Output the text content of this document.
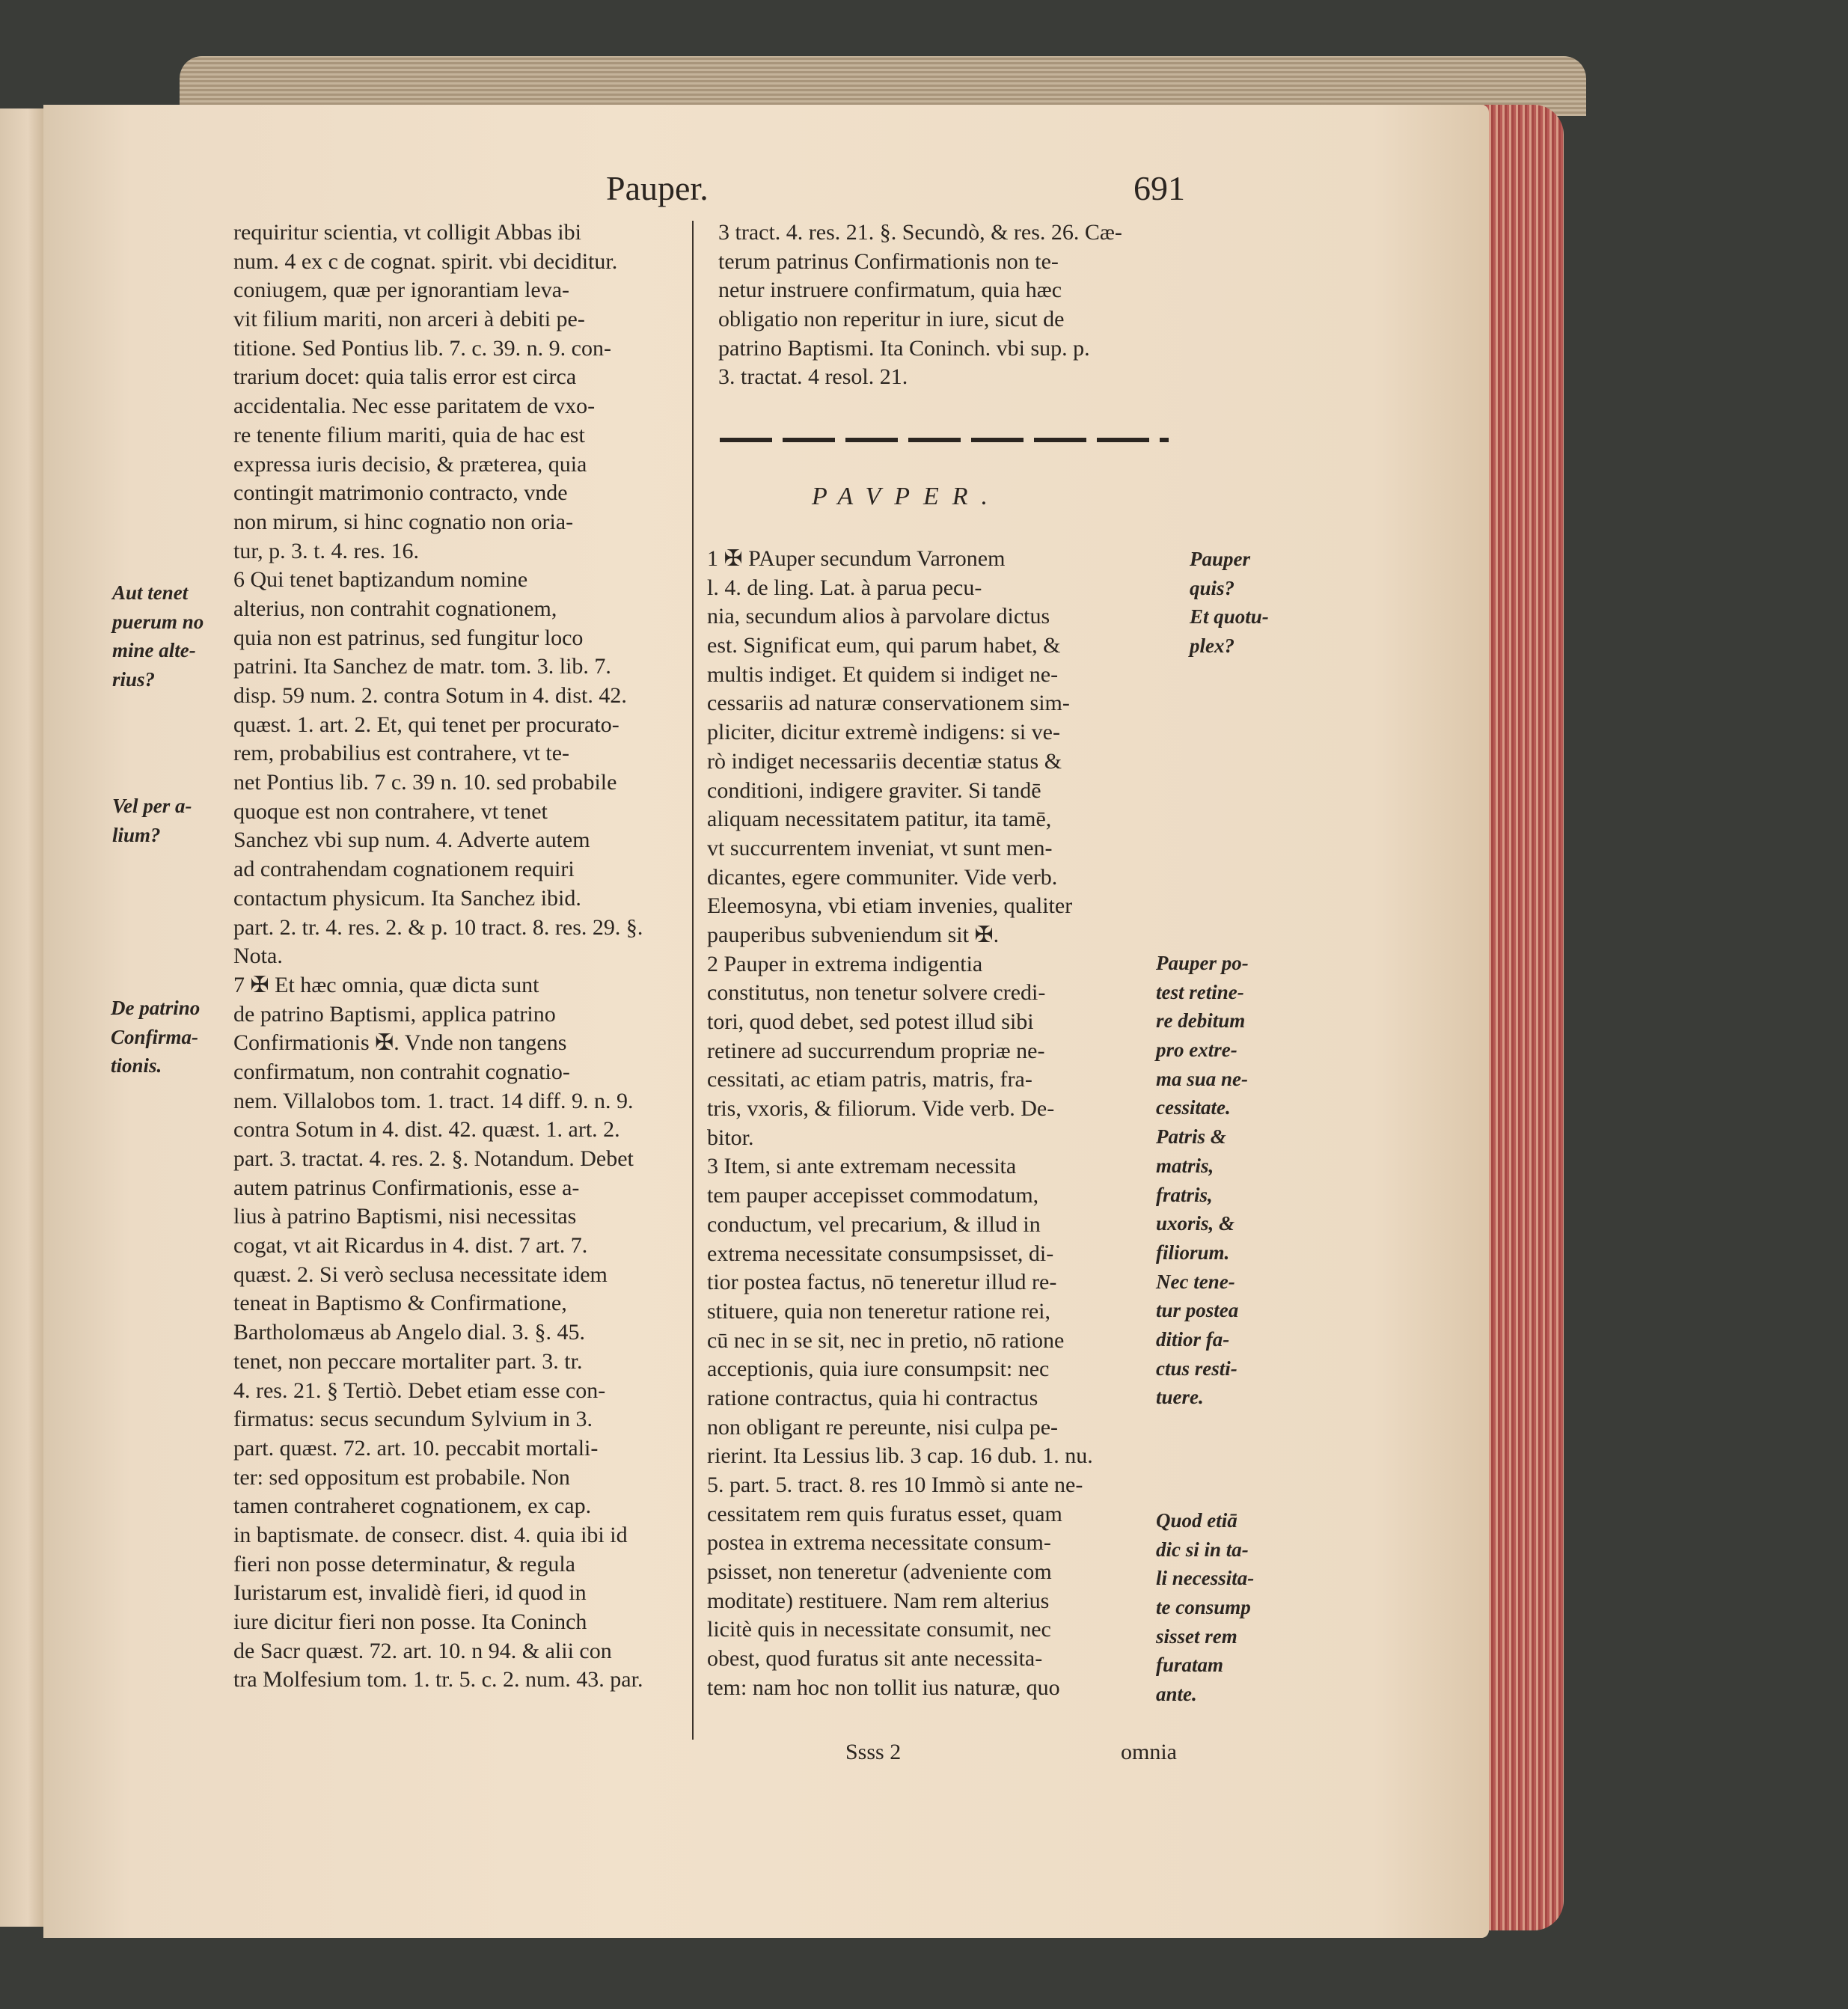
Pauper.	691
requiritur scientia, vt colligit Abbas ibi
num. 4 ex c de cognat. spirit. vbi deciditur.
coniugem, quæ per ignorantiam leva-
vit filium mariti, non arceri à debiti pe-
titione. Sed Pontius lib. 7. c. 39. n. 9. con-
trarium docet: quia talis error est circa
accidentalia. Nec esse paritatem de vxo-
re tenente filium mariti, quia de hac est
expressa iuris decisio, & præterea, quia
contingit matrimonio contracto, vnde
non mirum, si hinc cognatio non oria-
tur, p. 3. t. 4. res. 16.
6 Qui tenet baptizandum nomine
alterius, non contrahit cognationem,
quia non est patrinus, sed fungitur loco
patrini. Ita Sanchez de matr. tom. 3. lib. 7.
disp. 59 num. 2. contra Sotum in 4. dist. 42.
quæst. 1. art. 2. Et, qui tenet per procurato-
rem, probabilius est contrahere, vt te-
net Pontius lib. 7 c. 39 n. 10. sed probabile
quoque est non contrahere, vt tenet
Sanchez vbi sup num. 4. Adverte autem
ad contrahendam cognationem requiri
contactum physicum. Ita Sanchez ibid.
part. 2. tr. 4. res. 2. & p. 10 tract. 8. res. 29. §.
Nota.
7 ✠ Et hæc omnia, quæ dicta sunt
de patrino Baptismi, applica patrino
Confirmationis ✠. Vnde non tangens
confirmatum, non contrahit cognatio-
nem. Villalobos tom. 1. tract. 14 diff. 9. n. 9.
contra Sotum in 4. dist. 42. quæst. 1. art. 2.
part. 3. tractat. 4. res. 2. §. Notandum. Debet
autem patrinus Confirmationis, esse a-
lius à patrino Baptismi, nisi necessitas
cogat, vt ait Ricardus in 4. dist. 7 art. 7.
quæst. 2. Si verò seclusa necessitate idem
teneat in Baptismo & Confirmatione,
Bartholomæus ab Angelo dial. 3. §. 45.
tenet, non peccare mortaliter part. 3. tr.
4. res. 21. § Tertiò. Debet etiam esse con-
firmatus: secus secundum Sylvium in 3.
part. quæst. 72. art. 10. peccabit mortali-
ter: sed oppositum est probabile. Non
tamen contraheret cognationem, ex cap.
in baptismate. de consecr. dist. 4. quia ibi id
fieri non posse determinatur, & regula
Iuristarum est, invalidè fieri, id quod in
iure dicitur fieri non posse. Ita Coninch
de Sacr quæst. 72. art. 10. n 94. & alii con
tra Molfesium tom. 1. tr. 5. c. 2. num. 43. par.
3 tract. 4. res. 21. §. Secundò, & res. 26. Cæ-
terum patrinus Confirmationis non te-
netur instruere confirmatum, quia hæc
obligatio non reperitur in iure, sicut de
patrino Baptismi. Ita Coninch. vbi sup. p.
3. tractat. 4 resol. 21.
PAVPER.
1 ✠ PAuper secundum Varronem
l. 4. de ling. Lat. à parua pecu-
nia, secundum alios à parvolare dictus
est. Significat eum, qui parum habet, &
multis indiget. Et quidem si indiget ne-
cessariis ad naturæ conservationem sim-
pliciter, dicitur extremè indigens: si ve-
rò indiget necessariis decentiæ status &
conditioni, indigere graviter. Si tandē
aliquam necessitatem patitur, ita tamē,
vt succurrentem inveniat, vt sunt men-
dicantes, egere communiter. Vide verb.
Eleemosyna, vbi etiam invenies, qualiter
pauperibus subveniendum sit ✠.
2 Pauper in extrema indigentia
constitutus, non tenetur solvere credi-
tori, quod debet, sed potest illud sibi
retinere ad succurrendum propriæ ne-
cessitati, ac etiam patris, matris, fra-
tris, vxoris, & filiorum. Vide verb. De-
bitor.
3 Item, si ante extremam necessita
tem pauper accepisset commodatum,
conductum, vel precarium, & illud in
extrema necessitate consumpsisset, di-
tior postea factus, nō teneretur illud re-
stituere, quia non teneretur ratione rei,
cū nec in se sit, nec in pretio, nō ratione
acceptionis, quia iure consumpsit: nec
ratione contractus, quia hi contractus
non obligant re pereunte, nisi culpa pe-
rierint. Ita Lessius lib. 3 cap. 16 dub. 1. nu.
5. part. 5. tract. 8. res 10 Immò si ante ne-
cessitatem rem quis furatus esset, quam
postea in extrema necessitate consum-
psisset, non teneretur (adveniente com
moditate) restituere. Nam rem alterius
licitè quis in necessitate consumit, nec
obest, quod furatus sit ante necessita-
tem: nam hoc non tollit ius naturæ, quo
Aut tenet
puerum no
mine alte-
rius?
Vel per a-
lium?
De patrino
Confirma-
tionis.
Pauper
quis?
Et quotu-
plex?
Pauper po-
test retine-
re debitum
pro extre-
ma sua ne-
cessitate.
Patris &
matris,
fratris,
uxoris, &
filiorum.
Nec tene-
tur postea
ditior fa-
ctus resti-
tuere.
Quod etiā
dic si in ta-
li necessita-
te consump
sisset rem
furatam
ante.
Ssss 2	omnia
